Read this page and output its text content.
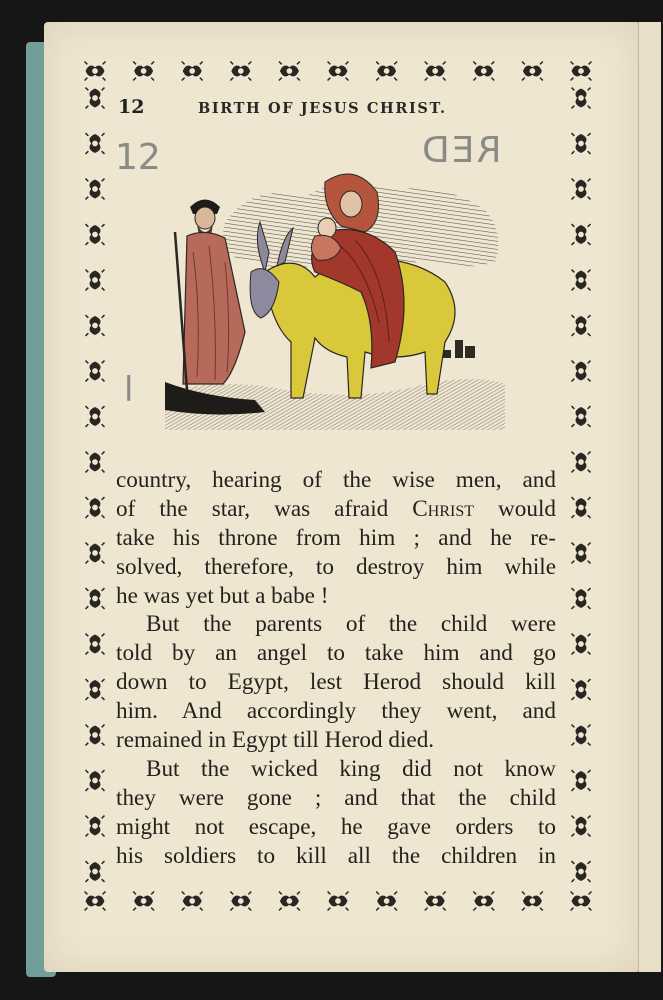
12	BIRTH OF JESUS CHRIST.
12	RED
l
country, hearing of the wise men, and
of the star, was afraid Christ would
take his throne from him ; and he re-
solved, therefore, to destroy him while
he was yet but a babe !
But the parents of the child were
told by an angel to take him and go
down to Egypt, lest Herod should kill
him. And accordingly they went, and
remained in Egypt till Herod died.
But the wicked king did not know
they were gone ; and that the child
might not escape, he gave orders to
his soldiers to kill all the children in
